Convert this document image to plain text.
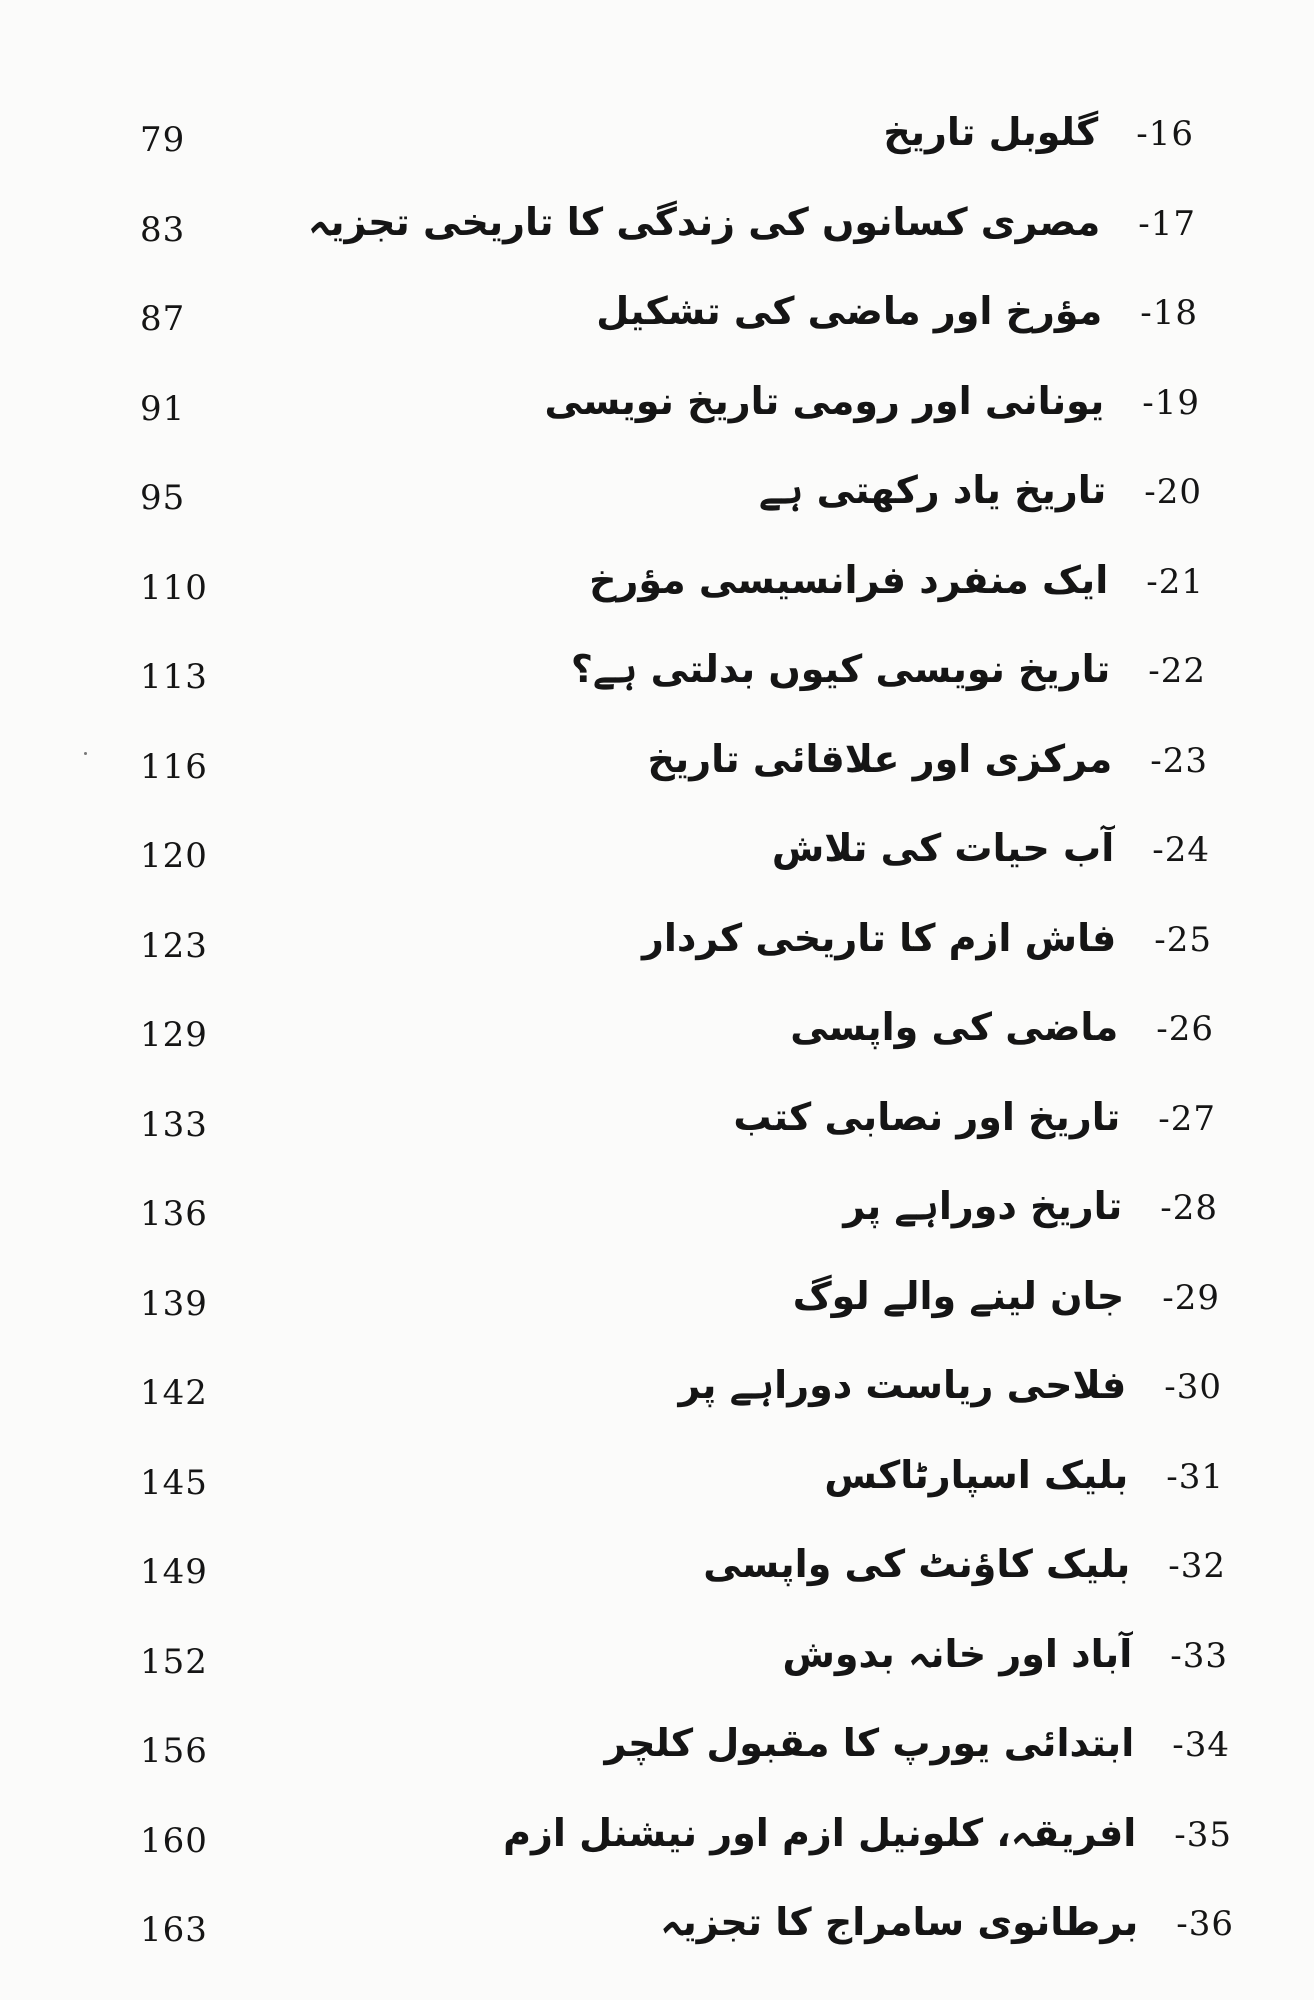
79	گلوبل تاریخ -16
83	مصری کسانوں کی زندگی کا تاریخی تجزیہ -17
87	مؤرخ اور ماضی کی تشکیل -18
91	یونانی اور رومی تاریخ نویسی -19
95	تاریخ یاد رکھتی ہے -20
110	ایک منفرد فرانسیسی مؤرخ -21
113	تاریخ نویسی کیوں بدلتی ہے؟ -22
116	مرکزی اور علاقائی تاریخ -23
120	آب حیات کی تلاش -24
123	فاش ازم کا تاریخی کردار -25
129	ماضی کی واپسی -26
133	تاریخ اور نصابی کتب -27
136	تاریخ دوراہے پر -28
139	جان لینے والے لوگ -29
142	فلاحی ریاست دوراہے پر -30
145	بلیک اسپارٹاکس -31
149	بلیک کاؤنٹ کی واپسی -32
152	آباد اور خانہ بدوش -33
156	ابتدائی یورپ کا مقبول کلچر -34
160	افریقہ، کلونیل ازم اور نیشنل ازم -35
163	برطانوی سامراج کا تجزیہ -36
